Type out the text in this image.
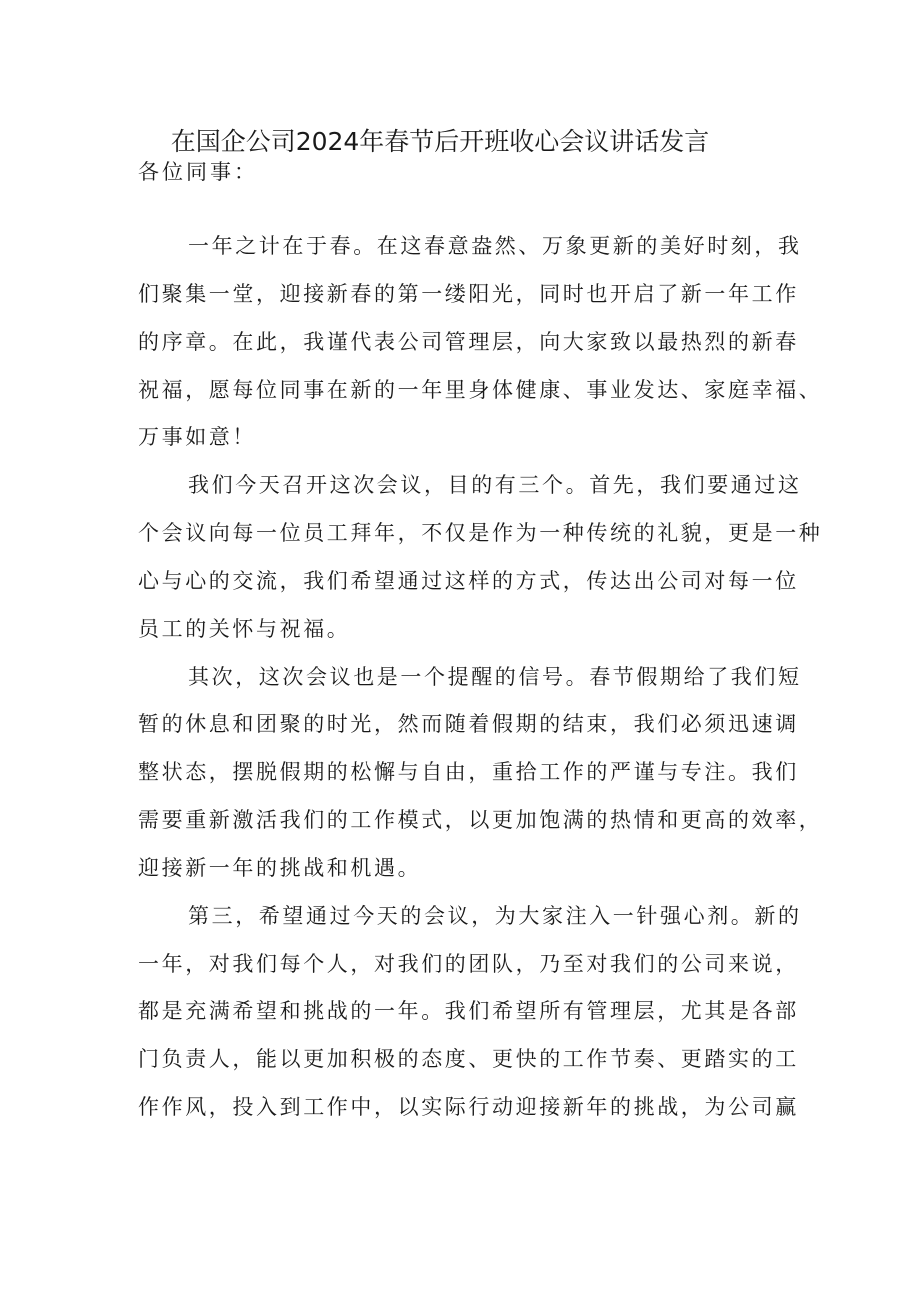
在国企公司2024年春节后开班收心会议讲话发言
各位同事：
一年之计在于春。在这春意盎然、万象更新的美好时刻，我
们聚集一堂，迎接新春的第一缕阳光，同时也开启了新一年工作
的序章。在此，我谨代表公司管理层，向大家致以最热烈的新春
祝福，愿每位同事在新的一年里身体健康、事业发达、家庭幸福、
万事如意！
我们今天召开这次会议，目的有三个。首先，我们要通过这
个会议向每一位员工拜年，不仅是作为一种传统的礼貌，更是一种
心与心的交流，我们希望通过这样的方式，传达出公司对每一位
员工的关怀与祝福。
其次，这次会议也是一个提醒的信号。春节假期给了我们短
暂的休息和团聚的时光，然而随着假期的结束，我们必须迅速调
整状态，摆脱假期的松懈与自由，重拾工作的严谨与专注。我们
需要重新激活我们的工作模式，以更加饱满的热情和更高的效率，
迎接新一年的挑战和机遇。
第三，希望通过今天的会议，为大家注入一针强心剂。新的
一年，对我们每个人，对我们的团队，乃至对我们的公司来说，
都是充满希望和挑战的一年。我们希望所有管理层，尤其是各部
门负责人，能以更加积极的态度、更快的工作节奏、更踏实的工
作作风，投入到工作中，以实际行动迎接新年的挑战，为公司赢
